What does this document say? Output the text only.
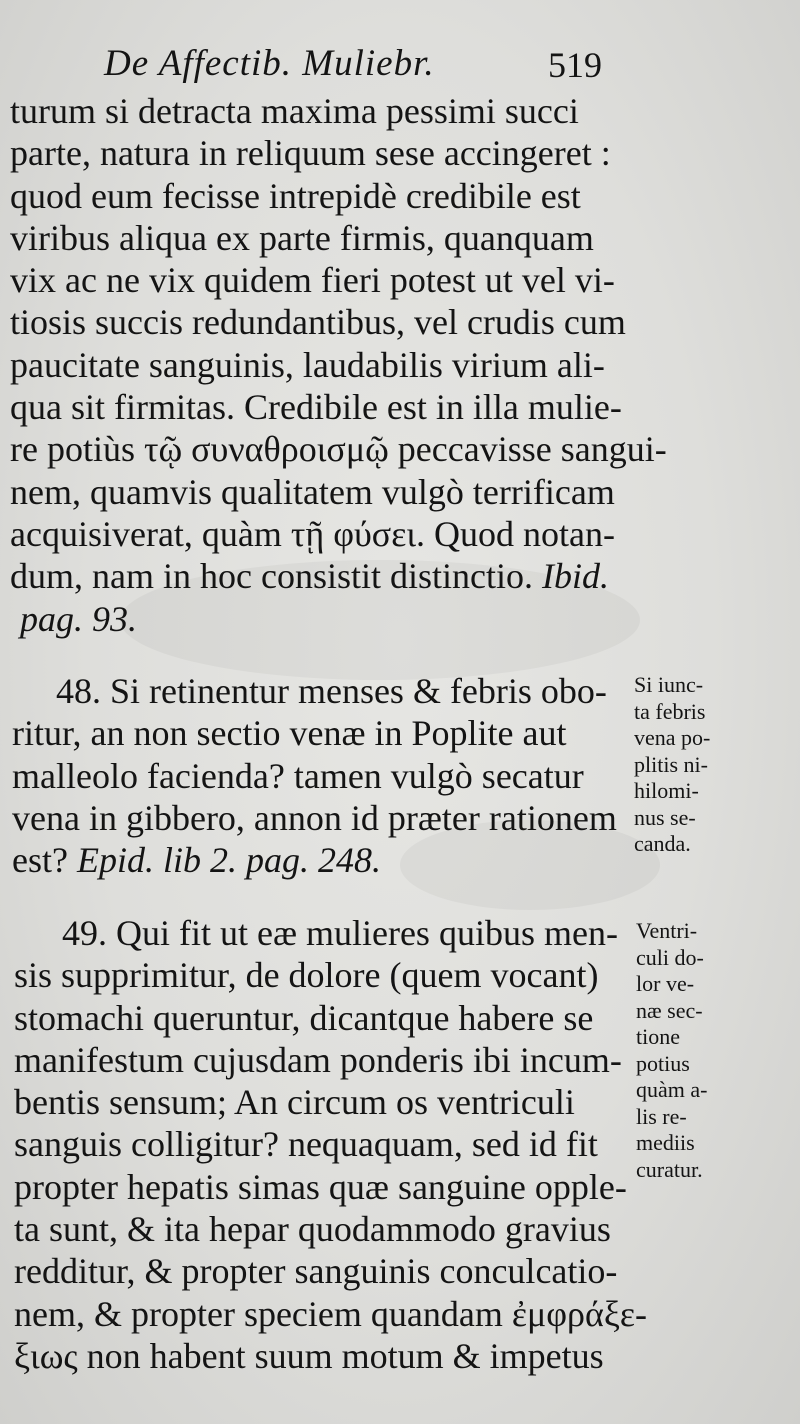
De Affectib. Muliebr.	519
turum si detracta maxima pessimi succi
parte, natura in reliquum sese accingeret :
quod eum fecisse intrepidè credibile est
viribus aliqua ex parte firmis, quanquam
vix ac ne vix quidem fieri potest ut vel vi-
tiosis succis redundantibus, vel crudis cum
paucitate sanguinis, laudabilis virium ali-
qua sit firmitas. Credibile est in illa mulie-
re potiùs τῷ συναθροισμῷ peccavisse sangui-
nem, quamvis qualitatem vulgò terrificam
acquisiverat, quàm τῇ φύσει. Quod notan-
dum, nam in hoc consistit distinctio. Ibid.
pag. 93.
48. Si retinentur menses & febris obo-
ritur, an non sectio venæ in Poplite aut
malleolo facienda? tamen vulgò secatur
vena in gibbero, annon id præter rationem
est? Epid. lib 2. pag. 248.
Si iunc-
ta febris
vena po-
plitis ni-
hilomi-
nus se-
canda.
49. Qui fit ut eæ mulieres quibus men-
sis supprimitur, de dolore (quem vocant)
stomachi queruntur, dicantque habere se
manifestum cujusdam ponderis ibi incum-
bentis sensum; An circum os ventriculi
sanguis colligitur? nequaquam, sed id fit
propter hepatis simas quæ sanguine opple-
ta sunt, & ita hepar quodammodo gravius
redditur, & propter sanguinis conculcatio-
nem, & propter speciem quandam ἐμφράξε-
ξιως non habent suum motum & impetus
Ventri-
culi do-
lor ve-
næ sec-
tione
potius
quàm a-
lis re-
mediis
curatur.
